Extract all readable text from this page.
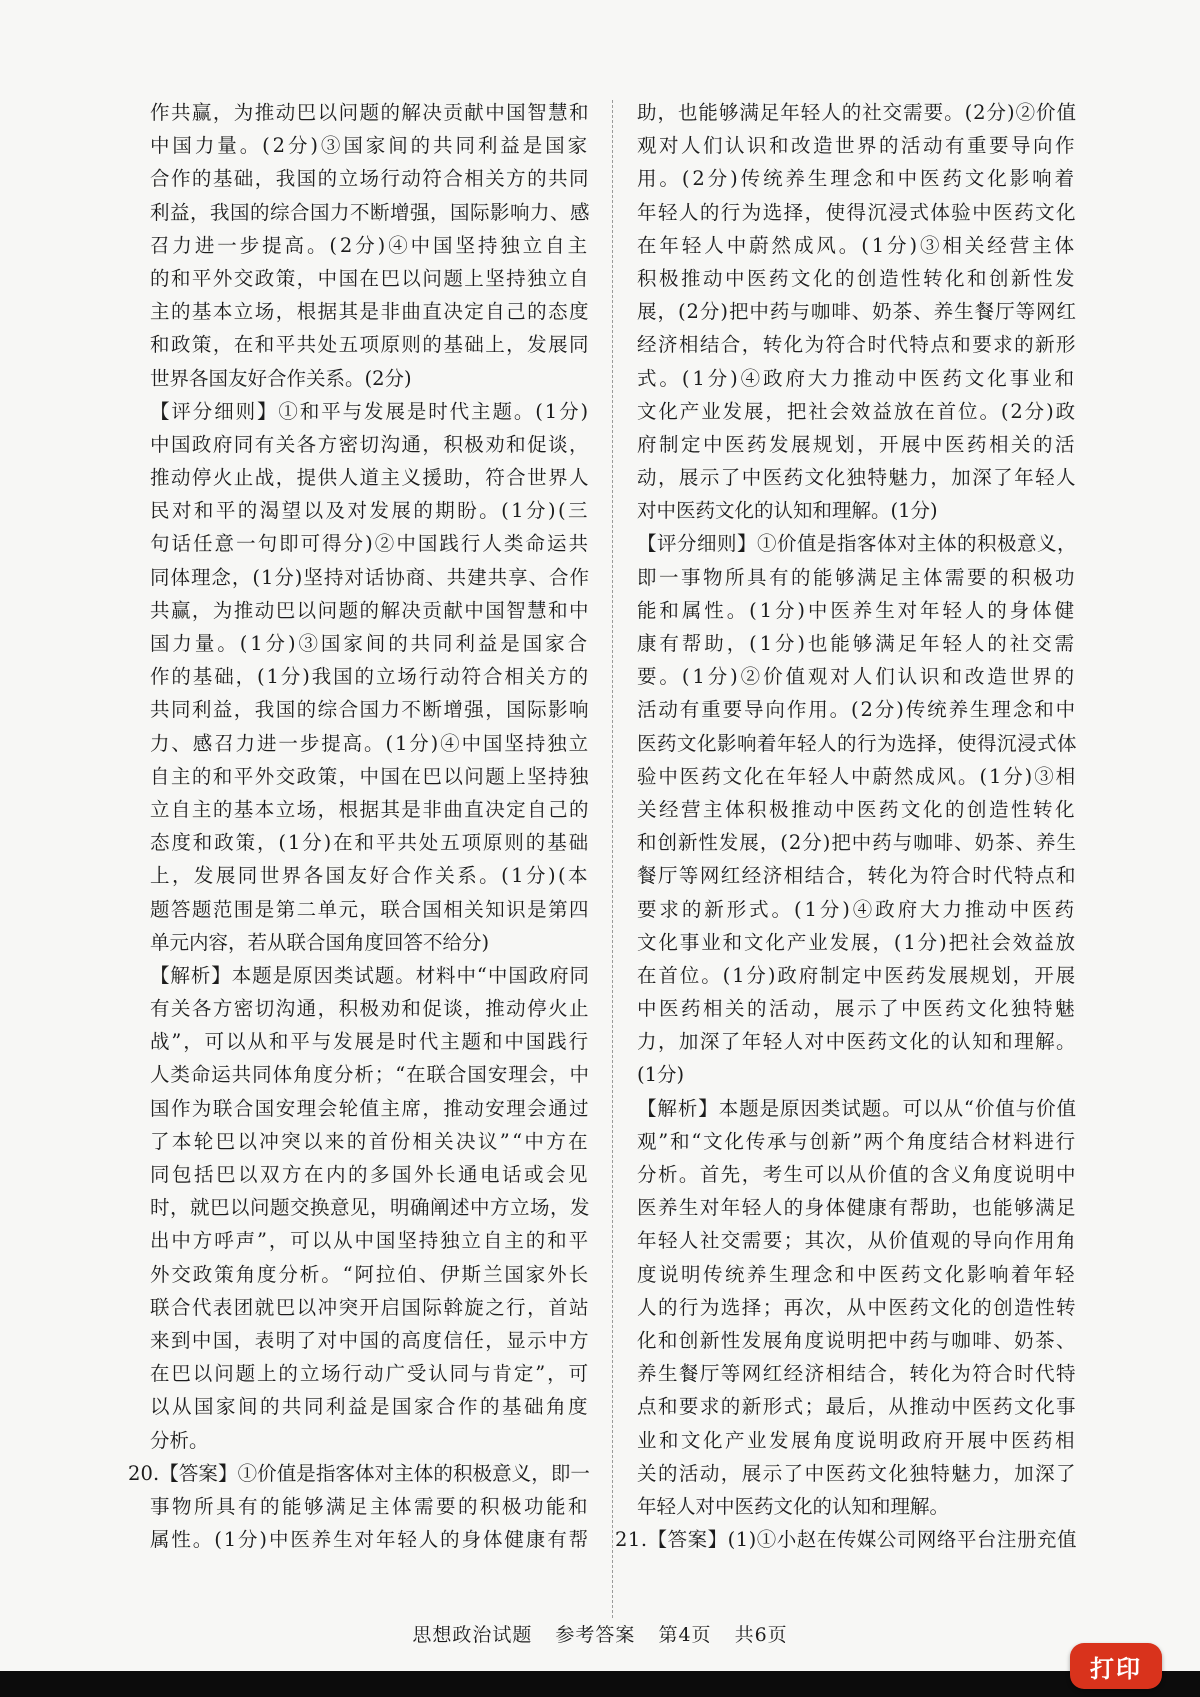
作共赢，为推动巴以问题的解决贡献中国智慧和
中国力量。(2分)③国家间的共同利益是国家
合作的基础，我国的立场行动符合相关方的共同
利益，我国的综合国力不断增强，国际影响力、感
召力进一步提高。(2分)④中国坚持独立自主
的和平外交政策，中国在巴以问题上坚持独立自
主的基本立场，根据其是非曲直决定自己的态度
和政策，在和平共处五项原则的基础上，发展同
世界各国友好合作关系。(2分)
【评分细则】①和平与发展是时代主题。(1分)
中国政府同有关各方密切沟通，积极劝和促谈，
推动停火止战，提供人道主义援助，符合世界人
民对和平的渴望以及对发展的期盼。(1分)(三
句话任意一句即可得分)②中国践行人类命运共
同体理念，(1分)坚持对话协商、共建共享、合作
共赢，为推动巴以问题的解决贡献中国智慧和中
国力量。(1分)③国家间的共同利益是国家合
作的基础，(1分)我国的立场行动符合相关方的
共同利益，我国的综合国力不断增强，国际影响
力、感召力进一步提高。(1分)④中国坚持独立
自主的和平外交政策，中国在巴以问题上坚持独
立自主的基本立场，根据其是非曲直决定自己的
态度和政策，(1分)在和平共处五项原则的基础
上，发展同世界各国友好合作关系。(1分)(本
题答题范围是第二单元，联合国相关知识是第四
单元内容，若从联合国角度回答不给分)
【解析】本题是原因类试题。材料中“中国政府同
有关各方密切沟通，积极劝和促谈，推动停火止
战”，可以从和平与发展是时代主题和中国践行
人类命运共同体角度分析；“在联合国安理会，中
国作为联合国安理会轮值主席，推动安理会通过
了本轮巴以冲突以来的首份相关决议”“中方在
同包括巴以双方在内的多国外长通电话或会见
时，就巴以问题交换意见，明确阐述中方立场，发
出中方呼声”，可以从中国坚持独立自主的和平
外交政策角度分析。“阿拉伯、伊斯兰国家外长
联合代表团就巴以冲突开启国际斡旋之行，首站
来到中国，表明了对中国的高度信任，显示中方
在巴以问题上的立场行动广受认同与肯定”，可
以从国家间的共同利益是国家合作的基础角度
分析。
20.【答案】①价值是指客体对主体的积极意义，即一
事物所具有的能够满足主体需要的积极功能和
属性。(1分)中医养生对年轻人的身体健康有帮
助，也能够满足年轻人的社交需要。(2分)②价值
观对人们认识和改造世界的活动有重要导向作
用。(2分)传统养生理念和中医药文化影响着
年轻人的行为选择，使得沉浸式体验中医药文化
在年轻人中蔚然成风。(1分)③相关经营主体
积极推动中医药文化的创造性转化和创新性发
展，(2分)把中药与咖啡、奶茶、养生餐厅等网红
经济相结合，转化为符合时代特点和要求的新形
式。(1分)④政府大力推动中医药文化事业和
文化产业发展，把社会效益放在首位。(2分)政
府制定中医药发展规划，开展中医药相关的活
动，展示了中医药文化独特魅力，加深了年轻人
对中医药文化的认知和理解。(1分)
【评分细则】①价值是指客体对主体的积极意义，
即一事物所具有的能够满足主体需要的积极功
能和属性。(1分)中医养生对年轻人的身体健
康有帮助，(1分)也能够满足年轻人的社交需
要。(1分)②价值观对人们认识和改造世界的
活动有重要导向作用。(2分)传统养生理念和中
医药文化影响着年轻人的行为选择，使得沉浸式体
验中医药文化在年轻人中蔚然成风。(1分)③相
关经营主体积极推动中医药文化的创造性转化
和创新性发展，(2分)把中药与咖啡、奶茶、养生
餐厅等网红经济相结合，转化为符合时代特点和
要求的新形式。(1分)④政府大力推动中医药
文化事业和文化产业发展，(1分)把社会效益放
在首位。(1分)政府制定中医药发展规划，开展
中医药相关的活动，展示了中医药文化独特魅
力，加深了年轻人对中医药文化的认知和理解。
(1分)
【解析】本题是原因类试题。可以从“价值与价值
观”和“文化传承与创新”两个角度结合材料进行
分析。首先，考生可以从价值的含义角度说明中
医养生对年轻人的身体健康有帮助，也能够满足
年轻人社交需要；其次，从价值观的导向作用角
度说明传统养生理念和中医药文化影响着年轻
人的行为选择；再次，从中医药文化的创造性转
化和创新性发展角度说明把中药与咖啡、奶茶、
养生餐厅等网红经济相结合，转化为符合时代特
点和要求的新形式；最后，从推动中医药文化事
业和文化产业发展角度说明政府开展中医药相
关的活动，展示了中医药文化独特魅力，加深了
年轻人对中医药文化的认知和理解。
21.【答案】(1)①小赵在传媒公司网络平台注册充值
思想政治试题 参考答案 第4页 共6页
打印
